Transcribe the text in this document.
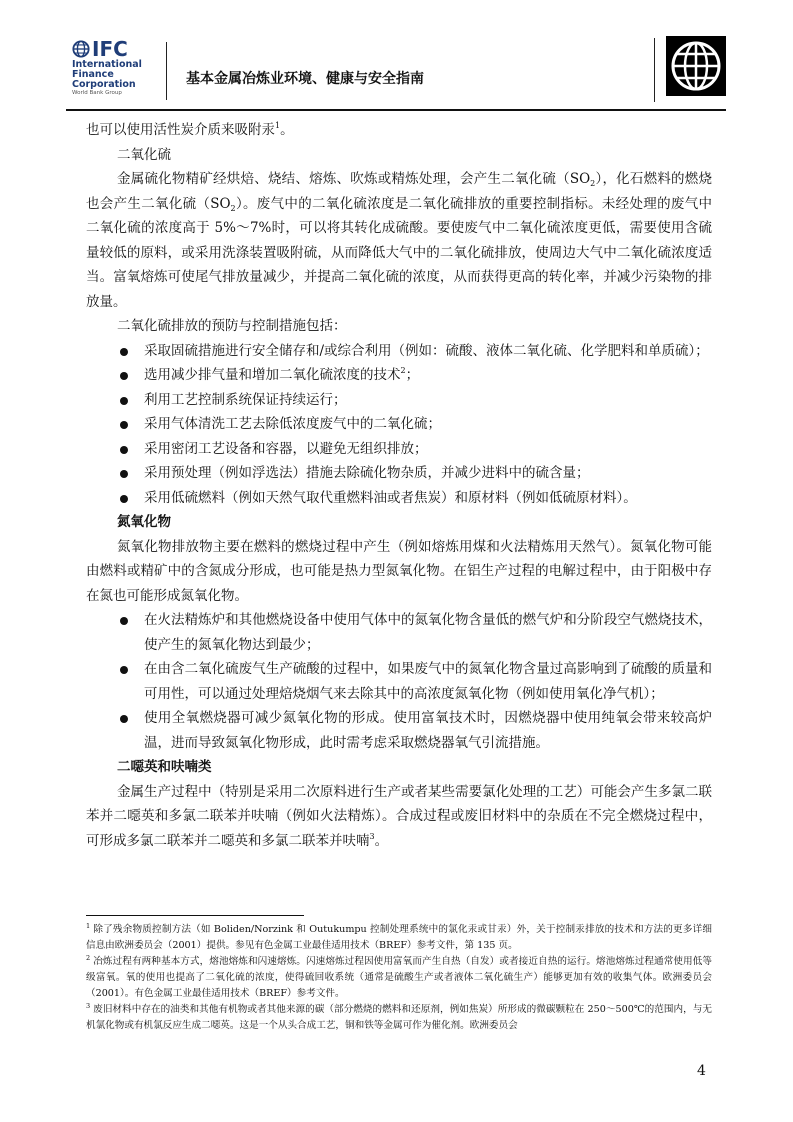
IFC
International
Finance
Corporation
World Bank Group
基本金属冶炼业环境、健康与安全指南

也可以使用活性炭介质来吸附汞$^1$。

二氧化硫

金属硫化物精矿经烘焙、烧结、熔炼、吹炼或精炼处理，会产生二氧化硫$(SO_2)$，化石燃料的燃烧也会产生二氧化硫$(SO_2)$。废气中的二氧化硫浓度是二氧化硫排放的重要控制指标。未经处理的废气中二氧化硫的浓度高于 5%～7%时，可以将其转化成硫酸。要使废气中二氧化硫浓度更低，需要使用含硫量较低的原料，或采用洗涤装置吸附硫，从而降低大气中的二氧化硫排放，使周边大气中二氧化硫浓度适当。富氧熔炼可使尾气排放量减少，并提高二氧化硫的浓度，从而获得更高的转化率，并减少污染物的排放量。

二氧化硫排放的预防与控制措施包括：

采取固硫措施进行安全储存和/或综合利用（例如：硫酸、液体二氧化硫、化学肥料和单质硫）；
选用减少排气量和增加二氧化硫浓度的技术$^2$；
利用工艺控制系统保证持续运行；
采用气体清洗工艺去除低浓度废气中的二氧化硫；
采用密闭工艺设备和容器，以避免无组织排放；
采用预处理（例如浮选法）措施去除硫化物杂质，并减少进料中的硫含量；
采用低硫燃料（例如天然气取代重燃料油或者焦炭）和原材料（例如低硫原材料）。

氮氧化物

氮氧化物排放物主要在燃料的燃烧过程中产生（例如熔炼用煤和火法精炼用天然气）。氮氧化物可能由燃料或精矿中的含氮成分形成，也可能是热力型氮氧化物。在铝生产过程的电解过程中，由于阳极中存在氮也可能形成氮氧化物。

在火法精炼炉和其他燃烧设备中使用气体中的氮氧化物含量低的燃气炉和分阶段空气燃烧技术，使产生的氮氧化物达到最少；
在由含二氧化硫废气生产硫酸的过程中，如果废气中的氮氧化物含量过高影响到了硫酸的质量和可用性，可以通过处理焙烧烟气来去除其中的高浓度氮氧化物（例如使用氧化净气机）；
使用全氧燃烧器可减少氮氧化物的形成。使用富氧技术时，因燃烧器中使用纯氧会带来较高炉温，进而导致氮氧化物形成，此时需考虑采取燃烧器氧气引流措施。

二噁英和呋喃类

金属生产过程中（特别是采用二次原料进行生产或者某些需要氯化处理的工艺）可能会产生多氯二联苯并二噁英和多氯二联苯并呋喃（例如火法精炼）。合成过程或废旧材料中的杂质在不完全燃烧过程中，可形成多氯二联苯并二噁英和多氯二联苯并呋喃$^3$。

$^1$ 除了残余物质控制方法（如 Boliden/Norzink 和 Outukumpu 控制处理系统中的氯化汞或甘汞）外，关于控制汞排放的技术和方法的更多详细信息由欧洲委员会（2001）提供。参见有色金属工业最佳适用技术（BREF）参考文件，第 135 页。

$^2$ 冶炼过程有两种基本方式，熔池熔炼和闪速熔炼。闪速熔炼过程因使用富氧而产生自热（自发）或者接近自热的运行。熔池熔炼过程通常使用低等级富氧。氧的使用也提高了二氧化硫的浓度，使得硫回收系统（通常是硫酸生产或者液体二氧化硫生产）能够更加有效的收集气体。欧洲委员会（2001）。有色金属工业最佳适用技术（BREF）参考文件。

$^3$ 废旧材料中存在的油类和其他有机物或者其他来源的碳（部分燃烧的燃料和还原剂，例如焦炭）所形成的微碳颗粒在 250～500℃的范围内，与无机氯化物或有机氯反应生成二噁英。这是一个从头合成工艺，铜和铁等金属可作为催化剂。欧洲委员会

4
